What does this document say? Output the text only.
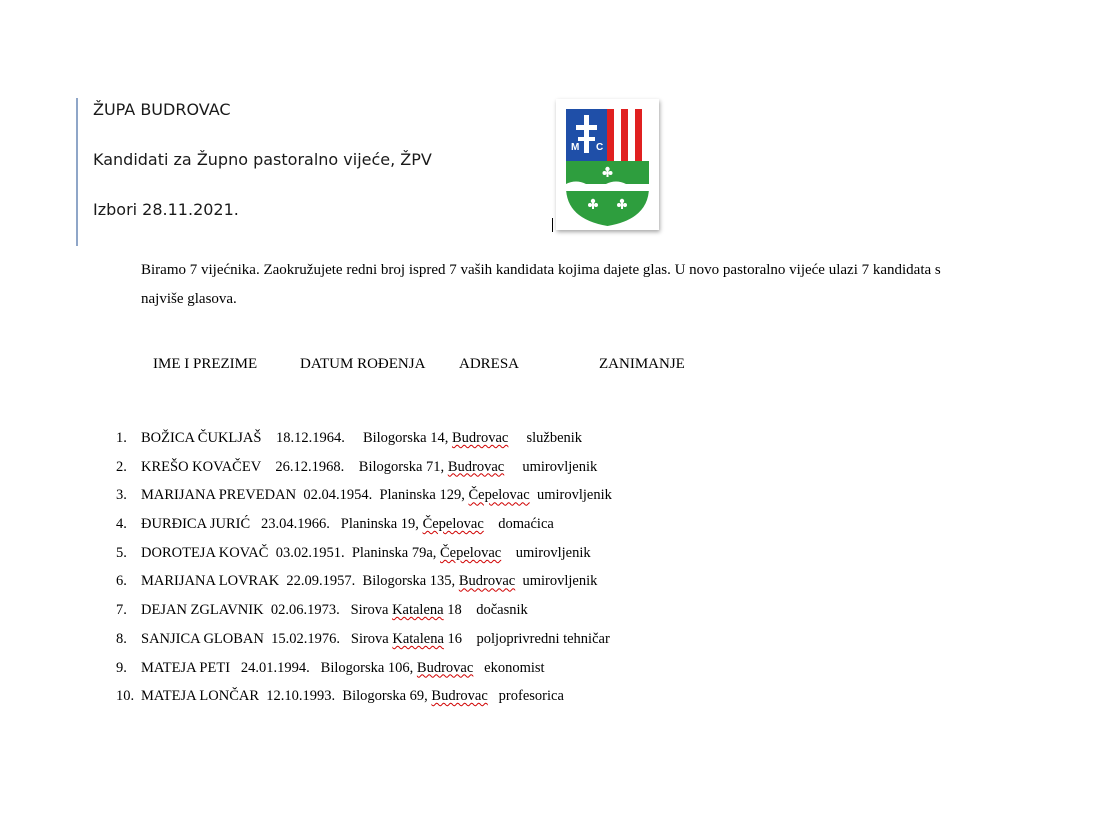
ŽUPA BUDROVAC
Kandidati za Župno pastoralno vijeće, ŽPV
Izbori 28.11.2021.
M C
Biramo 7 vijećnika. Zaokružujete redni broj ispred 7 vaših kandidata kojima dajete glas. U novo pastoralno vijeće ulazi 7 kandidata s
najviše glasova.
IME I PREZIME	DATUM ROĐENJA ADRESA	ZANIMANJE
1. BOŽICA ČUKLJAŠ 18.12.1964. Bilogorska 14, Budrovac službenik
2. KREŠO KOVAČEV 26.12.1968. Bilogorska 71, Budrovac umirovljenik
3. MARIJANA PREVEDAN 02.04.1954. Planinska 129, Čepelovac umirovljenik
4. ĐURĐICA JURIĆ 23.04.1966. Planinska 19, Čepelovac domaćica
5. DOROTEJA KOVAČ 03.02.1951. Planinska 79a, Čepelovac umirovljenik
6. MARIJANA LOVRAK 22.09.1957. Bilogorska 135, Budrovac umirovljenik
7. DEJAN ZGLAVNIK 02.06.1973. Sirova Katalena 18 dočasnik
8. SANJICA GLOBAN 15.02.1976. Sirova Katalena 16 poljoprivredni tehničar
9. MATEJA PETI 24.01.1994. Bilogorska 106, Budrovac ekonomist
10. MATEJA LONČAR 12.10.1993. Bilogorska 69, Budrovac profesorica
